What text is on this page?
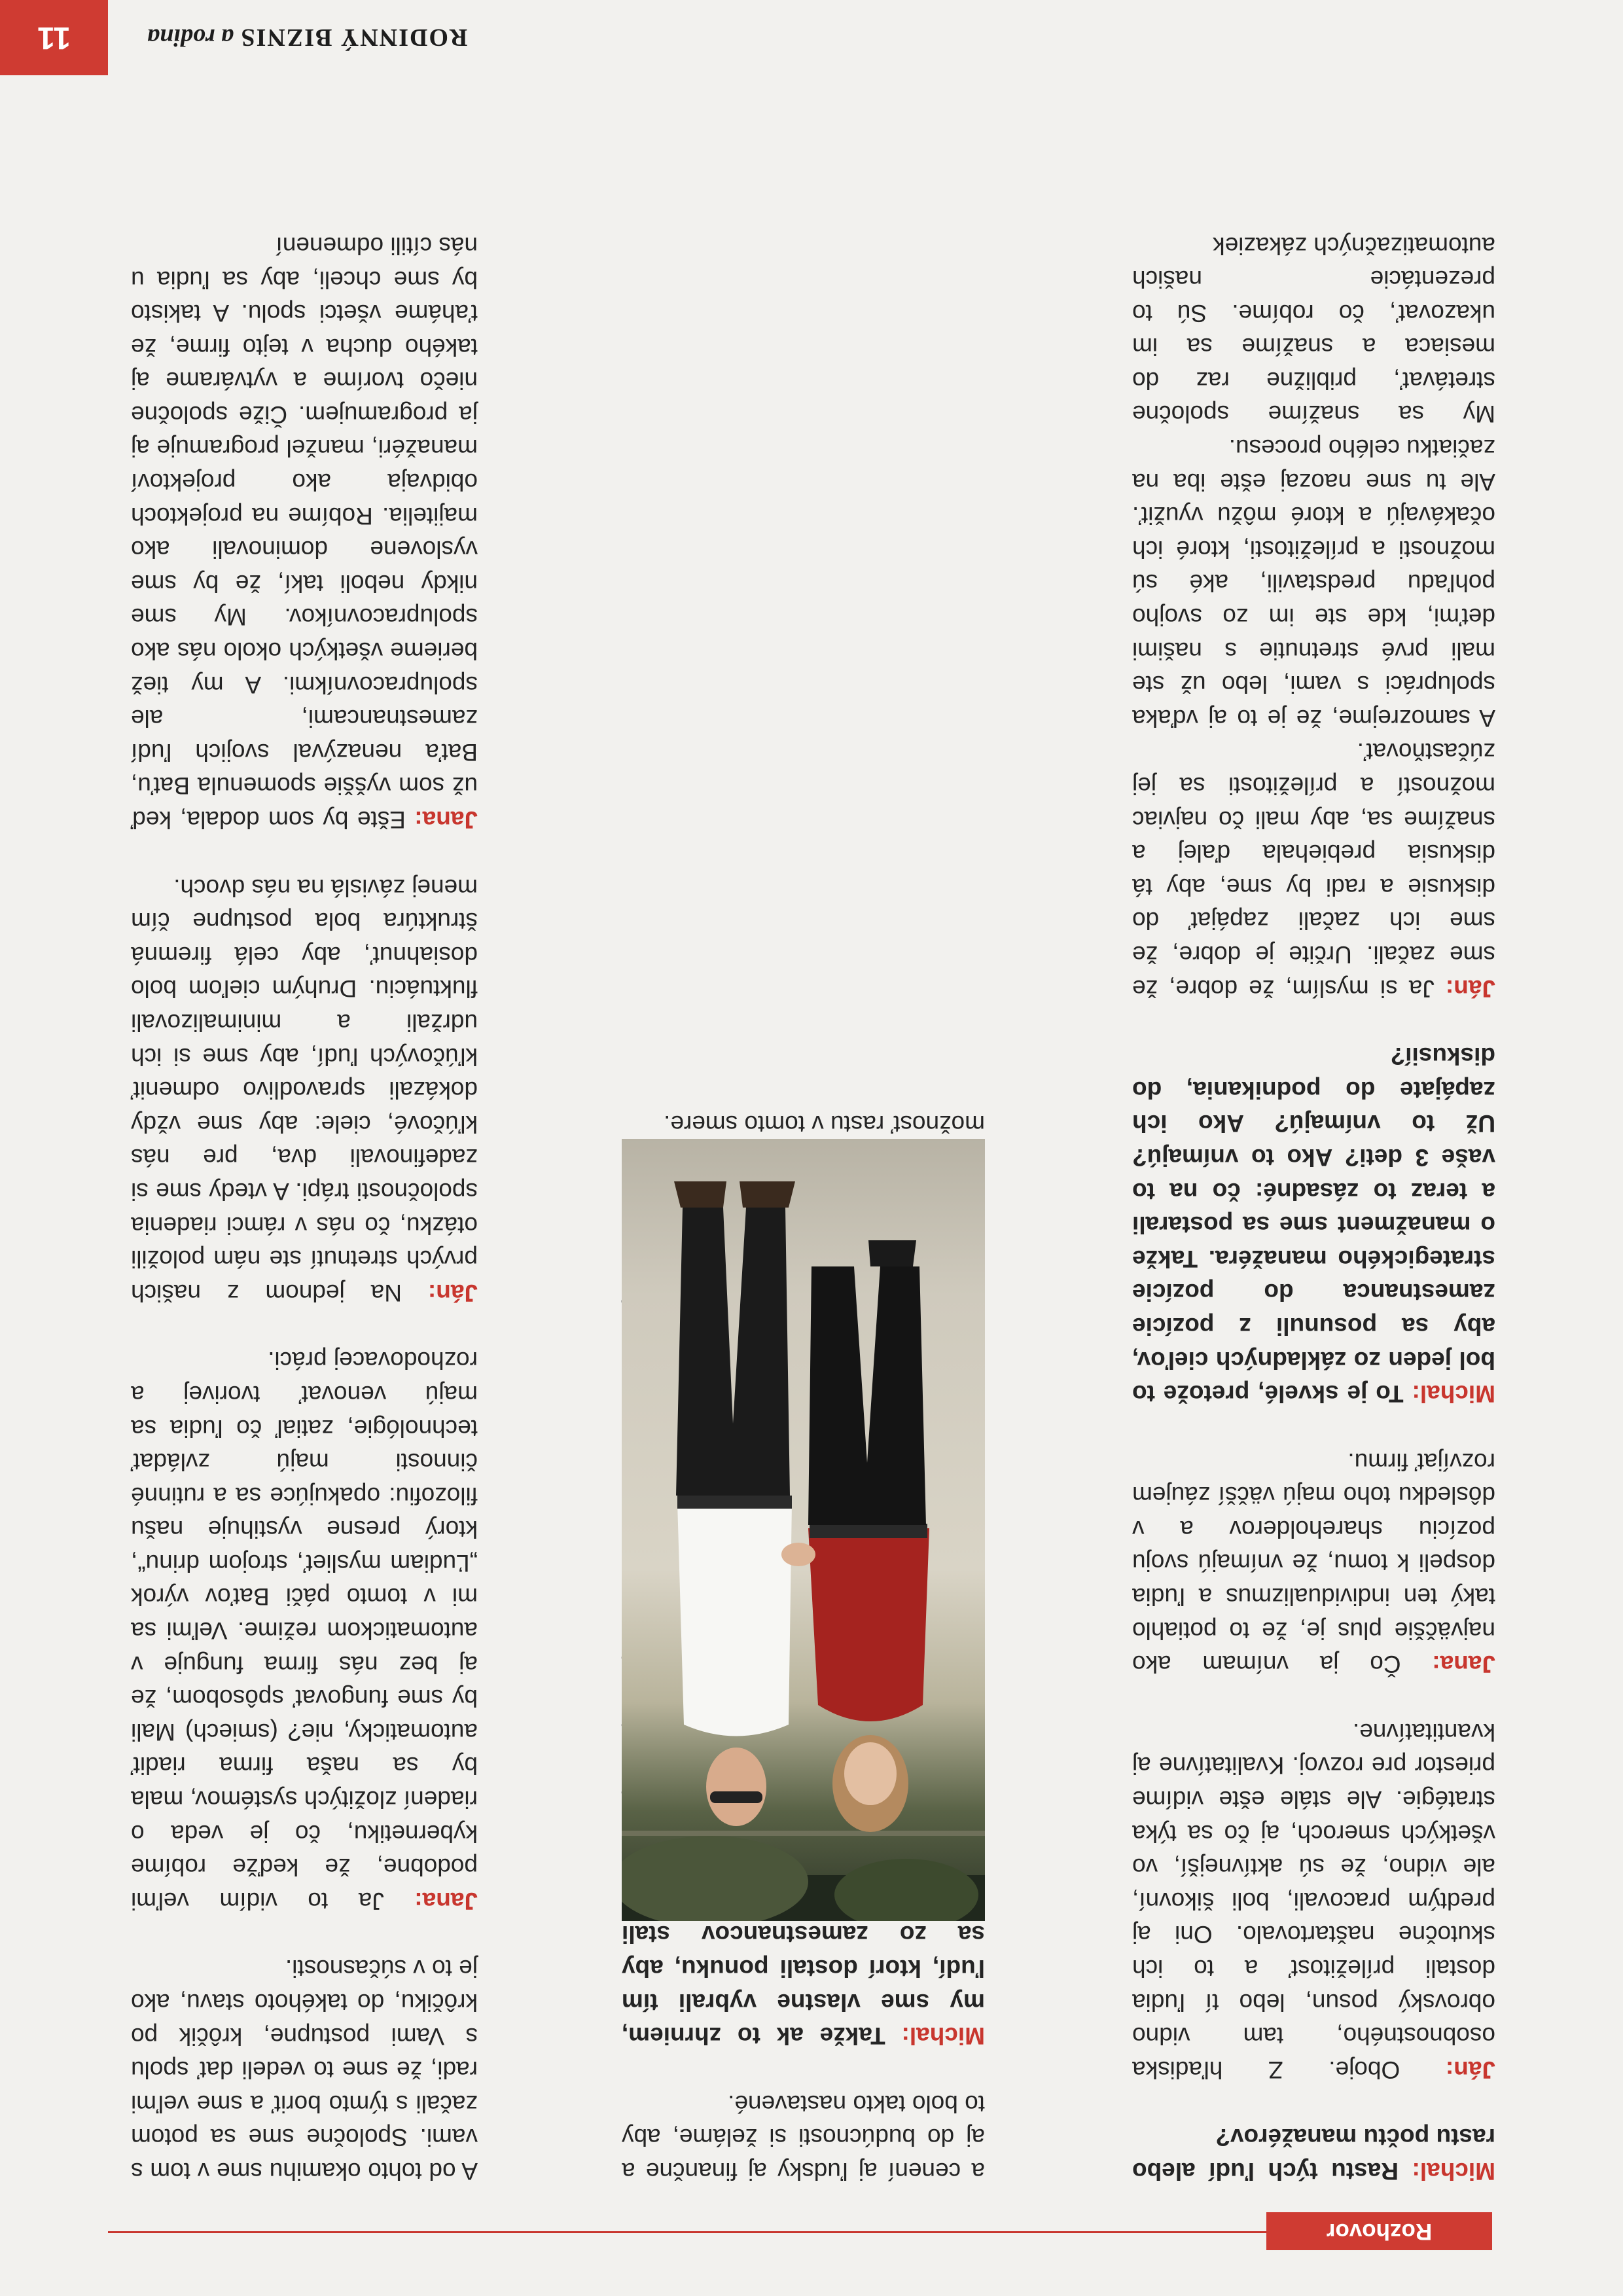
Rozhovor

Michal: Rastu tých ľudí alebo rastu počtu manažérov?

Ján: Oboje. Z hľadiska osobnostného, tam vidno obrovský posun, lebo tí ľudia dostali príležitosť a to ich skutočne naštartovalo. Oni aj predtým pracovali, boli šikovní, ale vidno, že sú aktívnejší, vo všetkých smeroch, aj čo sa týka stratégie. Ale stále ešte vidíme priestor pre rozvoj. Kvalitatívne aj kvantitatívne.

Jana: Čo ja vnímam ako najväčšie plus je, že to potiahlo taký ten individualizmus a ľudia dospeli k tomu, že vnímajú svoju pozíciu shareholderov a v dôsledku toho majú väčší záujem rozvíjať firmu.

Michal: To je skvelé, pretože to bol jeden zo základných cieľov, aby sa posunuli z pozície zamestnanca do pozície strategického manažéra. Takže o manažment sme sa postarali a teraz to zásadné: čo na to vaše 3 deti? Ako to vnímajú? Už to vnímajú? Ako ich zapájate do podnikania, do diskusií?

Ján: Ja si myslím, že dobre, že sme začali. Určite je dobre, že sme ich začali zapájať do diskusie a radi by sme, aby tá diskusia prebiehala ďalej a snažíme sa, aby mali čo najviac možností a príležitosti sa jej zúčastňovať.

A samozrejme, že je to aj vďaka spolupráci s vami, lebo už ste mali prvé stretnutie s našimi deťmi, kde ste im zo svojho pohľadu predstavili, aké sú možnosti a príležitosti, ktoré ich očakávajú a ktoré môžu využiť. Ale tu sme naozaj ešte iba na začiatku celého procesu.

My sa snažíme spoločne stretávať, približne raz do mesiaca a snažíme sa im ukazovať, čo robíme. Sú to prezentácie našich automatizačných zákaziek

a cenení aj ľudsky aj finančne a aj do budúcnosti si želáme, aby to bolo takto nastavené.

Michal: Takže ak to zhrniem, my sme vlastne vybrali tím ľudí, ktorí dostali ponuku, aby sa zo zamestnancov stali

možnosť rastu v tomto smere.

A od tohto okamihu sme v tom s vami. Spoločne sme sa potom začali s týmto boriť a sme veľmi radi, že sme to vedeli dať spolu s Vami postupne, krôčik po krôčiku, do takéhoto stavu, ako je to v súčasnosti.

Jana: Ja to vidím veľmi podobne, že keďže robíme kybernetiku, čo je veda o riadení zložitých systémov, mala by sa naša firma riadiť automaticky, nie? (smiech) Mali by sme fungovať spôsobom, že aj bez nás firma funguje v automatickom režime. Veľmi sa mi v tomto páči Baťov výrok „Ľudiam myslieť, strojom drinu“, ktorý presne vystihuje našu filozofiu: opakujúce sa a rutinné činnosti majú zvládať technológie, zatiaľ čo ľudia sa majú venovať tvorivej a rozhodovacej práci.

Ján: Na jednom z našich prvých stretnutí ste nám položili otázku, čo nás v rámci riadenia spoločnosti trápi. A vtedy sme si zadefinovali dva, pre nás kľúčové, ciele: aby sme vždy dokázali spravodlivo odmeniť kľúčových ľudí, aby sme si ich udržali a minimalizovali fluktuáciu. Druhým cieľom bolo dosiahnuť, aby celá firemná štruktúra bola postupne čím menej závislá na nás dvoch.

Jana: Ešte by som dodala, keď už som vyššie spomenula Baťu, Baťa nenazýval svojich ľudí zamestnancami, ale spolupracovníkmi. A my tiež berieme všetkých okolo nás ako spolupracovníkov. My sme nikdy neboli takí, že by sme vyslovene dominovali ako majitelia. Robíme na projektoch obidvaja ako projektoví manažéri, manžel programuje aj ja programujem. Čiže spoločne niečo tvoríme a vytvárame aj takého ducha v tejto firme, že ťaháme všetci spolu. A takisto by sme chceli, aby sa ľudia u nás cítili odmenení

RODINNÝ BIZNIS a rodina
11
